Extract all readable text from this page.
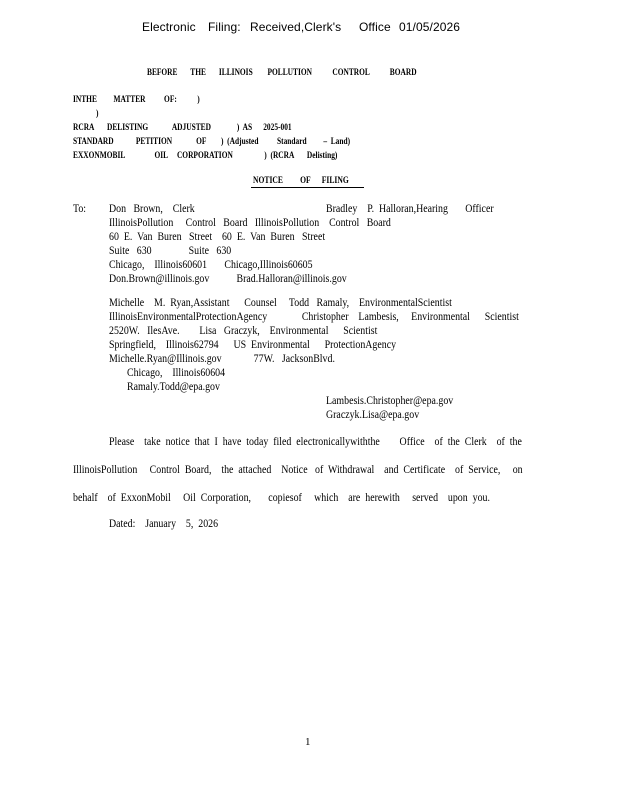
Electronic Filing: Received,Clerk's Office 01/05/2026
BEFORE       THE       ILLINOIS        POLLUTION           CONTROL           BOARD
INTHE         MATTER          OF:           )
)
RCRA       DELISTING             ADJUSTED              )  AS      2025-001
STANDARD            PETITION             OF        )  (Adjusted          Standard         –  Land)
EXXONMOBIL                OIL     CORPORATION                 )  (RCRA       Delisting)
NOTICE         OF      FILING
To: Don   Brown,    Clerk	Bradley    P.  Halloran,Hearing       Officer
IllinoisPollution     Control   Board   IllinoisPollution    Control   Board
60  E.  Van  Buren   Street    60  E.  Van  Buren   Street
Suite   630               Suite   630
Chicago,    Illinois60601       Chicago,Illinois60605
Don.Brown@illinois.gov           Brad.Halloran@illinois.gov
Michelle    M.  Ryan,Assistant      Counsel     Todd   Ramaly,    EnvironmentalScientist
IllinoisEnvironmentalProtectionAgency              Christopher    Lambesis,     Environmental      Scientist
2520W.   IlesAve.        Lisa   Graczyk,    Environmental      Scientist
Springfield,    Illinois62794      US  Environmental      ProtectionAgency
Michelle.Ryan@Illinois.gov             77W.   JacksonBlvd.
Chicago,    Illinois60604
Ramaly.Todd@epa.gov
Lambesis.Christopher@epa.gov
Graczyk.Lisa@epa.gov
Please    take  notice  that  I  have  today  filed  electronicallywiththe        Office    of  the  Clerk    of  the
IllinoisPollution     Control  Board,    the  attached    Notice   of  Withdrawal    and  Certificate    of  Service,     on
behalf    of  ExxonMobil     Oil  Corporation,       copiesof     which    are  herewith     served    upon  you.
Dated:    January    5,  2026
1
